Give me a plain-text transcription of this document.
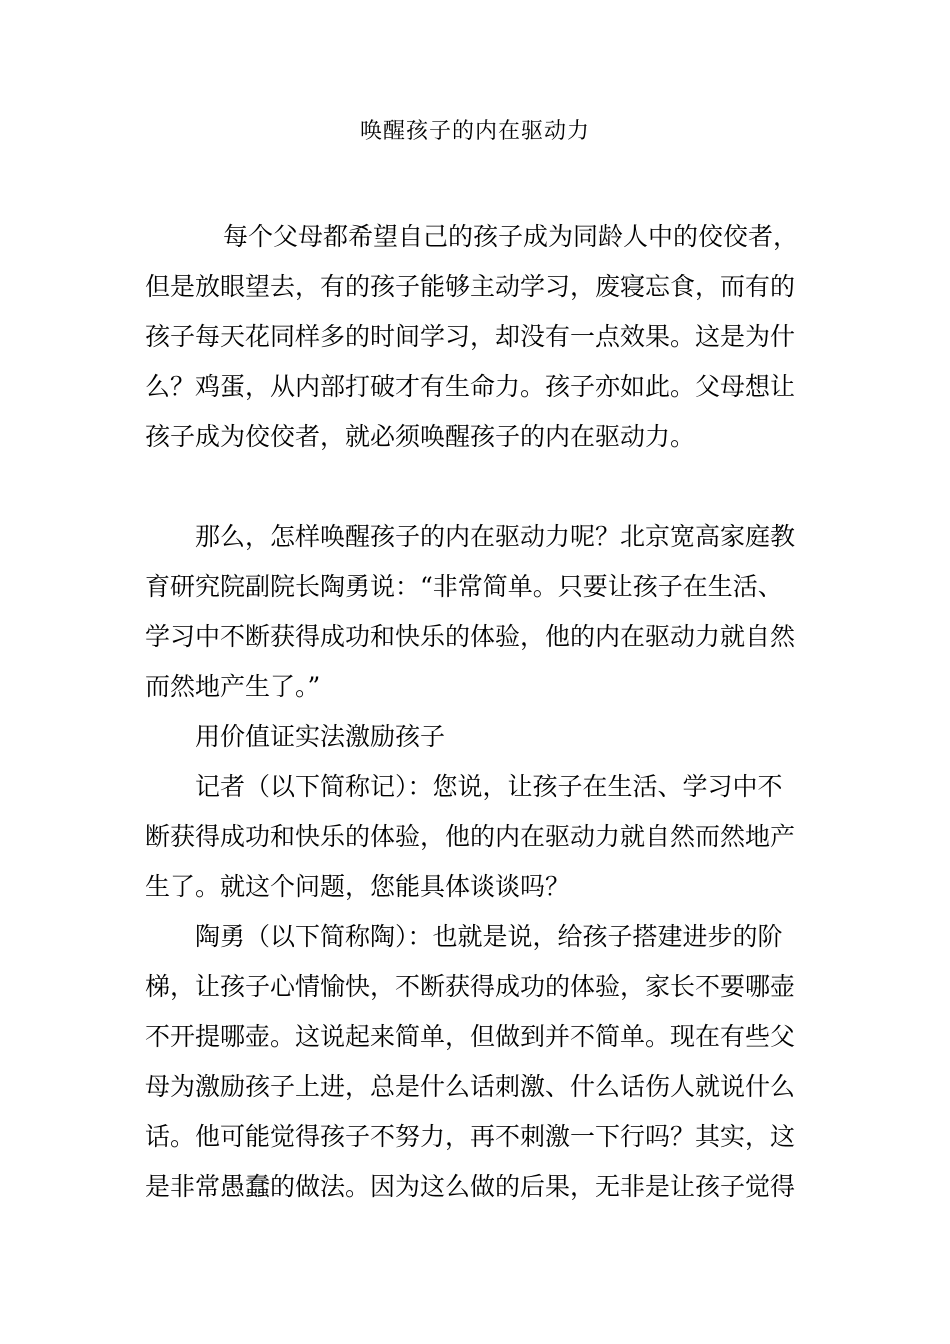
唤醒孩子的内在驱动力
每个父母都希望自己的孩子成为同龄人中的佼佼者，
但是放眼望去，有的孩子能够主动学习，废寝忘食，而有的
孩子每天花同样多的时间学习，却没有一点效果。这是为什
么？鸡蛋，从内部打破才有生命力。孩子亦如此。父母想让
孩子成为佼佼者，就必须唤醒孩子的内在驱动力。
那么，怎样唤醒孩子的内在驱动力呢？北京宽高家庭教
育研究院副院长陶勇说：“非常简单。只要让孩子在生活、
学习中不断获得成功和快乐的体验，他的内在驱动力就自然
而然地产生了。”
用价值证实法激励孩子
记者（以下简称记）：您说，让孩子在生活、学习中不
断获得成功和快乐的体验，他的内在驱动力就自然而然地产
生了。就这个问题，您能具体谈谈吗？
陶勇（以下简称陶）：也就是说，给孩子搭建进步的阶
梯，让孩子心情愉快，不断获得成功的体验，家长不要哪壶
不开提哪壶。这说起来简单，但做到并不简单。现在有些父
母为激励孩子上进，总是什么话刺激、什么话伤人就说什么
话。他可能觉得孩子不努力，再不刺激一下行吗？其实，这
是非常愚蠢的做法。因为这么做的后果，无非是让孩子觉得
